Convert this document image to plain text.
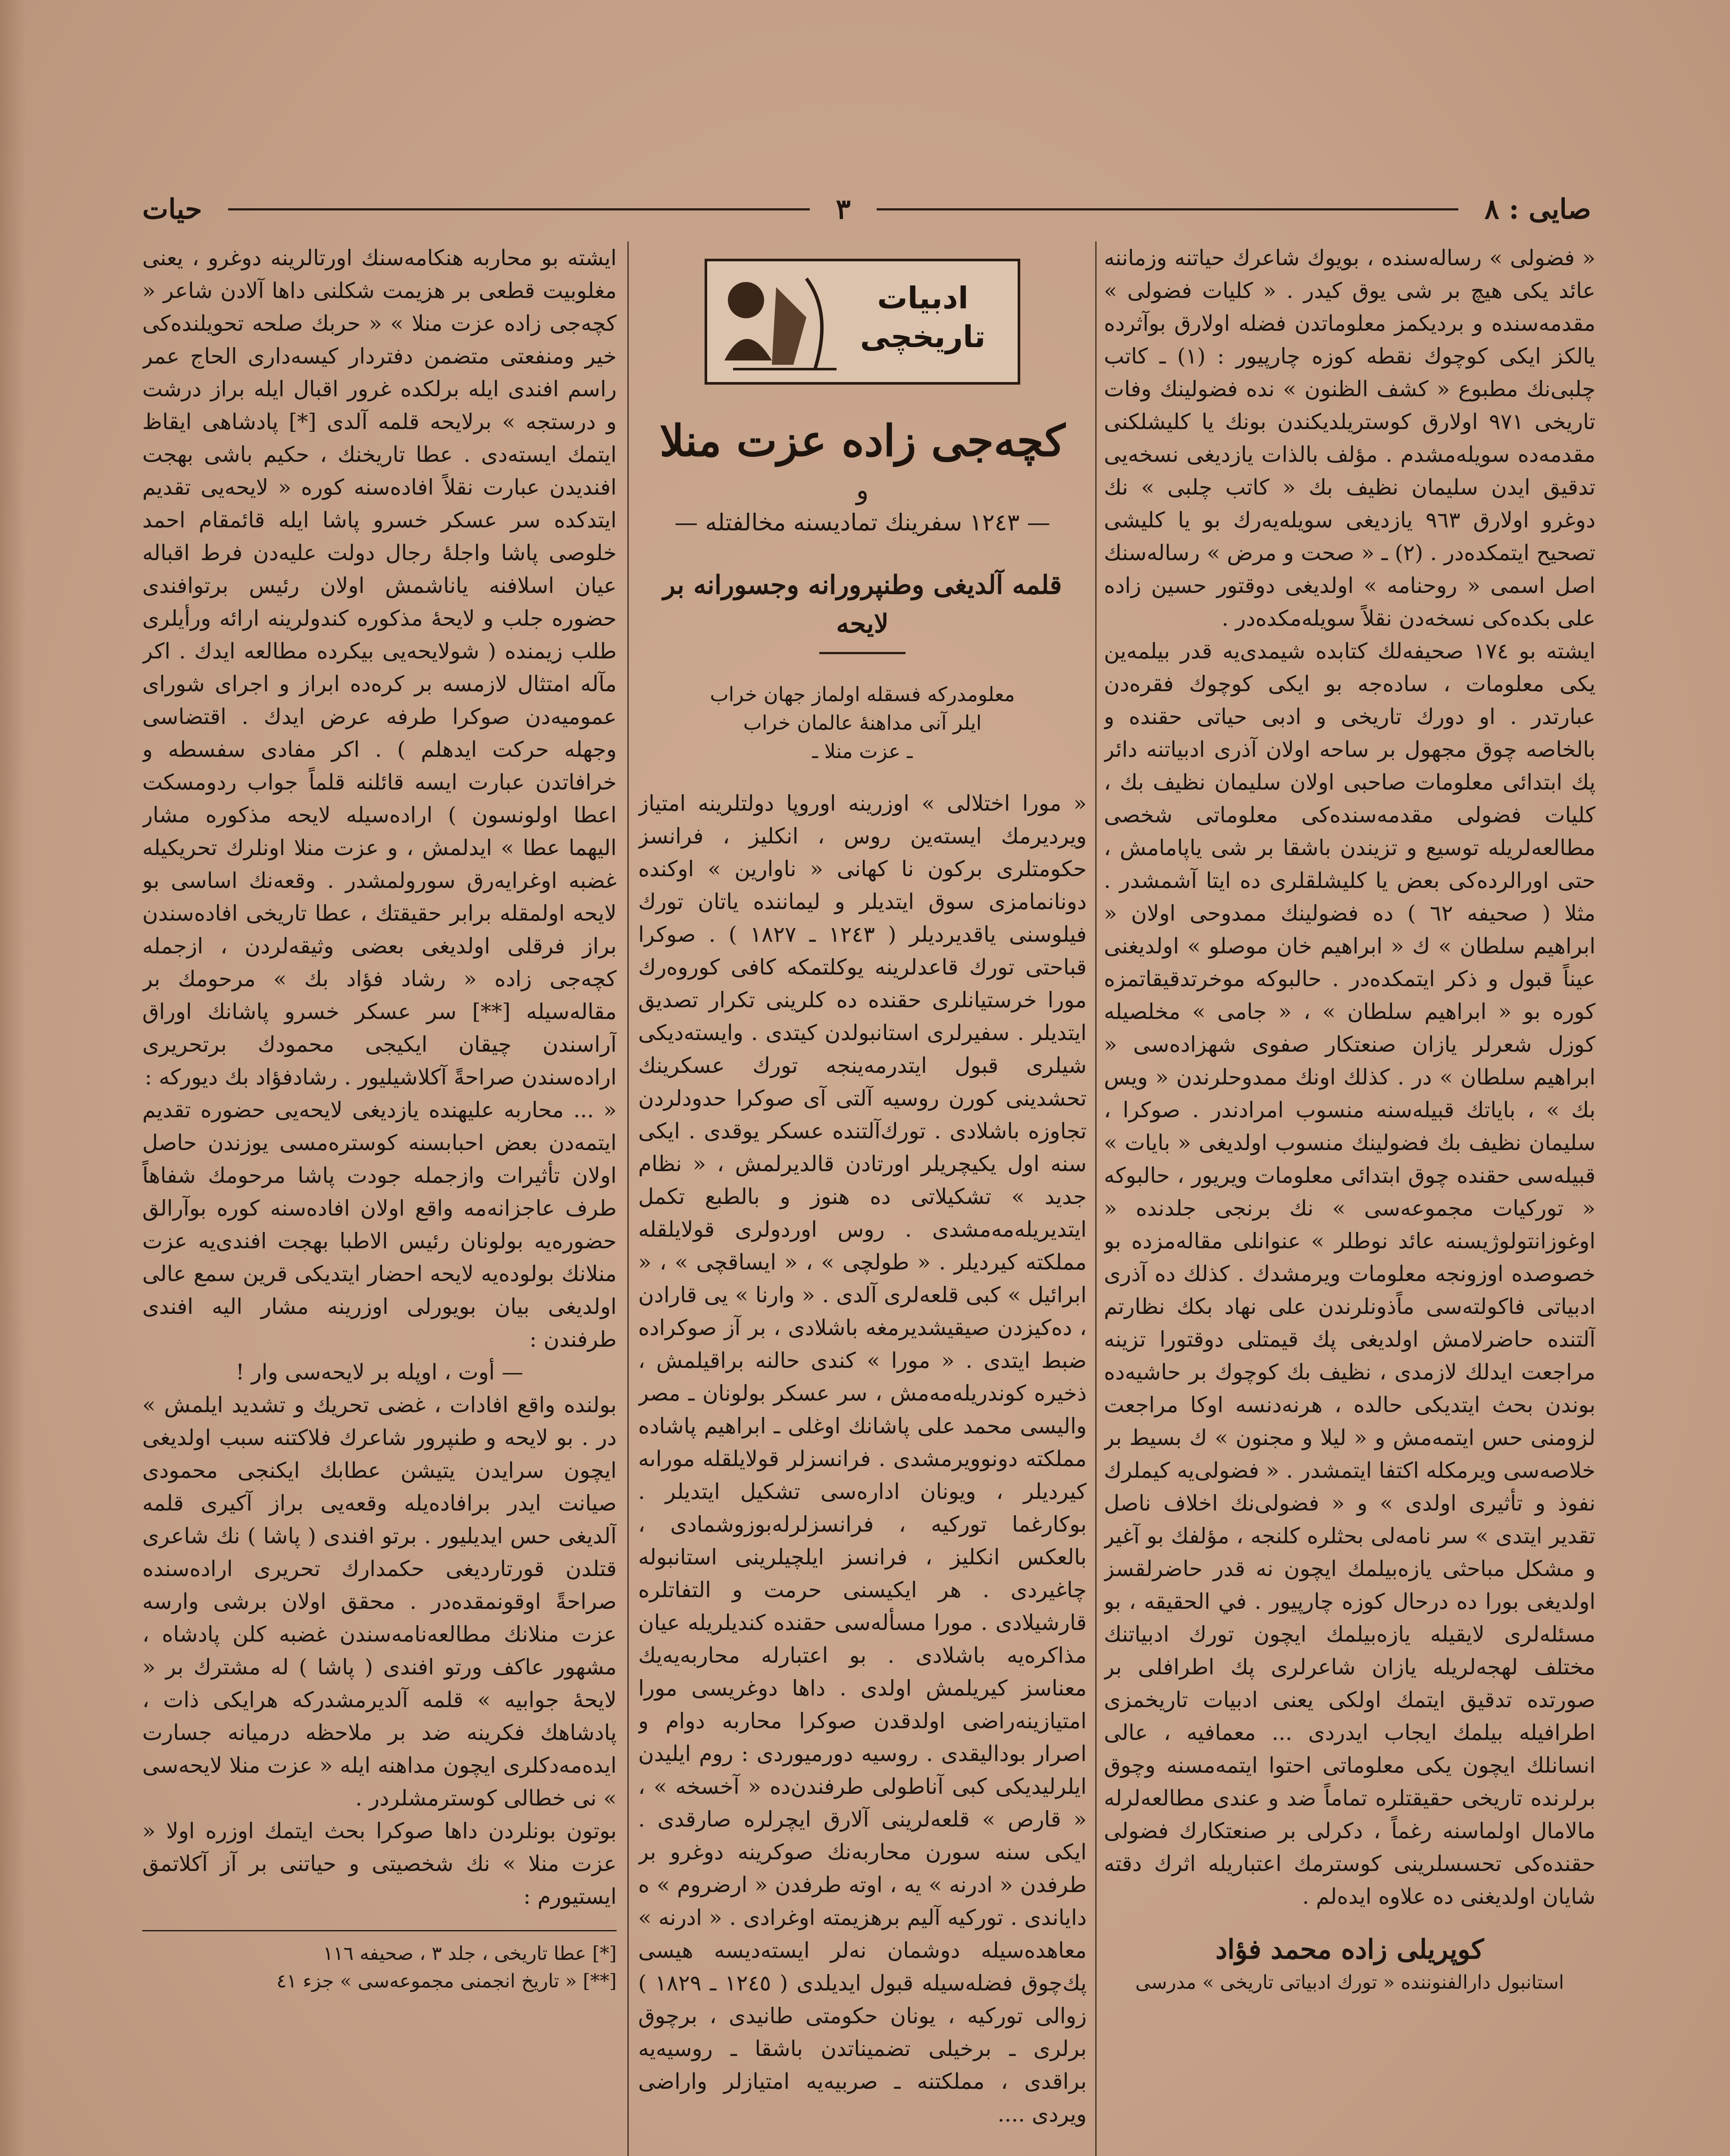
صايى : ٨
٣
حيات

« فضولى » رساله‌سنده ، بويوك شاعرك حياتنه وزماننه عائد يكى هيچ بر شى يوق كيدر . « كليات فضولى » مقدمه‌سنده و بردیكمز معلوماتدن فضله اولارق بوآثرده يالكز ايكى كوچوك نقطه كوزه چارپيور : (١) ـ كاتب چلبى‌نك مطبوع « كشف الظنون » نده فضولينك وفات تاريخى ٩٧١ اولارق كوستريلديكندن بونك يا كليشلكنى مقدمه‌ده سويله‌مشدم . مؤلف بالذات يازديغى نسخه‌يى تدقيق ايدن سليمان نظيف بك « كاتب چلبى » نك دوغرو اولارق ٩٦٣ يازديغى سويله‌يه‌رك بو يا كليشى تصحيح ايتمكده‌در . (٢) ـ « صحت و مرض » رساله‌سنك اصل اسمى « روحنامه » اولديغى دوقتور حسين زاده على بكده‌كى نسخه‌دن نقلاً سويله‌مكده‌در .

ايشته بو ١٧٤ صحيفه‌لك كتابده شيمدى‌يه قدر بيلمه‌ين يكى معلومات ، ساده‌جه بو ايكى كوچوك فقره‌دن عبارتدر . او دورك تاريخى و ادبى حياتى حقنده و بالخاصه چوق مجهول بر ساحه اولان آذرى ادبياتنه دائر پك ابتدائى معلومات صاحبى اولان سليمان نظيف بك ، كليات فضولى مقدمه‌سنده‌كى معلوماتى شخصى مطالعه‌لريله توسيع و تزيندن باشقا بر شى ياپامامش ، حتى اورالرده‌كى بعض يا كليشلقلرى ده ايتا آشمشدر . مثلا ( صحيفه ٦٢ ) ده فضولينك ممدوحى اولان « ابراهيم سلطان » ك « ابراهيم خان موصلو » اولديغنى عيناً قبول و ذكر ايتمكده‌در . حالبوكه موخرتدقيقاتمزه كوره بو « ابراهيم سلطان » ، « جامى » مخلصيله كوزل شعرلر يازان صنعتكار صفوى شهزاده‌سى « ابراهيم سلطان » در . كذلك اونك ممدوحلرندن « ويس بك » ، باياتك قبيله‌سنه منسوب امرادندر . صوكرا ، سليمان نظيف بك فضولينك منسوب اولديغى « بايات » قبيله‌سى حقنده چوق ابتدائى معلومات ويريور ، حالبوكه « توركيات مجموعه‌سى » نك برنجى جلدنده « اوغوزانتولوژيسنه عائد نوطلر » عنوانلى مقاله‌مزده بو خصوصده اوزونجه معلومات ويرمشدك . كذلك ده آذرى ادبياتى فاكولته‌سى ماًذونلرندن على نهاد بكك نظارتم آلتنده حاضرلامش اولديغى پك قيمتلى دوقتورا تزينه مراجعت ايدلك لازمدى ، نظيف بك كوچوك بر حاشيه‌ده بوندن بحث ايتديكى حالده ، هرنه‌دنسه اوكا مراجعت لزومنى حس ايتمه‌مش و « ليلا و مجنون » ك بسيط بر خلاصه‌سى ويرمكله اكتفا ايتمشدر . « فضولى‌يه كيملرك نفوذ و تأثيرى اولدى » و « فضولى‌نك اخلاف ناصل تقدير ايتدى » سر نامه‌لى بحثلره كلنجه ، مؤلفك بو آغير و مشكل مباحثى يازه‌بيلمك ايچون نه قدر حاضرلقسز اولديغى بورا ده درحال كوزه چارپيور . في الحقيقه ، بو مسئله‌لرى لايقيله يازه‌بيلمك ايچون تورك ادبياتنك مختلف لهجه‌لريله يازان شاعرلرى پك اطرافلى بر صورتده تدقيق ايتمك اولكى يعنى ادبيات تاريخمزى اطرافيله بيلمك ايجاب ايدردى ... معمافيه ، عالى انسانلك ايچون يكى معلوماتى احتوا ايتمه‌مسنه وچوق برلرنده تاريخى حقيقتلره تماماً ضد و عندى مطالعه‌لرله مالامال اولماسنه رغماً ، دكرلى بر صنعتكارك فضولى حقنده‌كى تحسسلرينى كوسترمك اعتباريله اثرك دقته شايان اولديغنى ده علاوه ايده‌لم .

كوپريلى زاده محمد فؤاد
استانبول دارالفنوننده « تورك ادبياتى تاريخى » مدرسى
ادبيات تاريخچى
كچه‌جى زاده عزت منلا
و
— ١٢٤٣ سفرينك تماديسنه مخالفتله —
قلمه آلديغى وطنپرورانه وجسورانه بر لايحه
معلومدركه فسقله اولماز جهان خراب
ايلر آنى مداهنهٔ عالمان خراب
ـ عزت منلا ـ

« مورا اختلالى » اوزرينه اوروپا دولتلرينه امتياز ويرديرمك ايسته‌ين روس ، انكليز ، فرانسز حكومتلرى بركون نا كهانى « ناوارين » اوكنده دونانمامزى سوق ايتديلر و ليماننده ياتان تورك فيلوسنى ياقديرديلر ( ١٢٤٣ ـ ١٨٢٧ ) . صوكرا قباحتى تورك قاعدلرينه يوكلتمكه كافى كوروه‌رك مورا خرستيانلرى حقنده ده كلرينى تكرار تصديق ايتديلر . سفيرلرى استانبولدن كيتدى . وايسته‌ديكى شيلرى قبول ايتدرمه‌ينجه تورك عسكرينك تحشدينى كورن روسيه آلتى آى صوكرا حدودلردن تجاوزه باشلادى . تورك‌آلتنده عسكر يوقدى . ايكى سنه اول يكيچريلر اورتادن قالديرلمش ، « نظام جديد » تشكيلاتى ده هنوز و بالطبع تكمل ايتديريله‌مه‌مشدى . روس اوردولرى قولايلقله مملكته كيرديلر . « طولچى » ، « ايساقچى » ، « ابرائيل » كبى قلعه‌لرى آلدى . « وارنا » يى قارادن ، ده‌كيزدن صيقيشديرمغه باشلادى ، بر آز صوكراده ضبط ايتدى . « مورا » كندى حالنه براقيلمش ، ذخيره كوندريله‌مه‌مش ، سر عسكر بولونان ـ مصر واليسى محمد على پاشانك اوغلى ـ ابراهيم پاشاده مملكته دونوويرمشدى . فرانسزلر قولايلقله موراىه كيرديلر ، ويونان اداره‌سى تشكيل ايتديلر . بوكارغما توركيه ، فرانسزلرله‌بوزوشمادى ، بالعكس انكليز ، فرانسز ايلچيلرينى استانبوله چاغيردى . هر ايكيسنى حرمت و التفاتلره قارشيلادى . مورا مسأله‌سى حقنده كنديلريله عيان مذاكره‌يه باشلادى . بو اعتبارله محاربه‌يه‌يك معناسز كيريلمش اولدى . داها دوغريسى مورا امتيازينه‌راضى اولدقدن صوكرا محاربه دوام و اصرار بوداليقدى . روسيه دورميوردى : روم ايليدن ايلرليديكى كبى آناطولى طرفندن‌ده « آخسخه » ، « قارص » قلعه‌لرينى آلارق ايچرلره صارقدى . ايكى سنه سورن محاربه‌نك صوكرينه دوغرو بر طرفدن « ادرنه » يه ، اوته طرفدن « ارضروم » ه داياندى . توركيه آليم برهزيمته اوغرادى . « ادرنه » معاهده‌سيله دوشمان نه‌لر ايسته‌ديسه هيسى پك‌چوق فضله‌سيله قبول ايديلدى ( ١٢٤٥ ـ ١٨٢٩ ) زوالى توركيه ، يونان حكومتى طانيدى ، برچوق برلرى ـ برخيلى تضميناتدن باشقا ـ روسيه‌يه براقدى ، مملكتنه ـ صربيه‌يه امتيازلر واراضى ويردى ....

ايشته بو محاربه هنكامه‌سنك اورتالرينه دوغرو ، يعنى مغلوبيت قطعى بر هزيمت شكلنى داها آلادن شاعر « كچه‌جى زاده عزت منلا » « حربك صلحه تحويلنده‌كى خير ومنفعتى متضمن دفتردار كيسه‌دارى الحاج عمر راسم افندى ايله برلكده غرور اقبال ايله براز درشت و درستجه » برلايحه قلمه آلدى [*] پادشاهى ايقاظ ايتمك ايسته‌دى . عطا تاريخنك ، حكيم باشى بهجت افنديدن عبارت نقلاً افاده‌سنه كوره « لايحه‌يى تقديم ايتدكده سر عسكر خسرو پاشا ايله قائمقام احمد خلوصى پاشا واجلهٔ رجال دولت عليه‌دن فرط اقباله عيان اسلافنه ياناشمش اولان رئيس برتوافندى حضوره جلب و لايحهٔ مذكوره كندولرينه ارائه ورأيلرى طلب زيمنده ( شولايحه‌يى بيكرده مطالعه ايدك . اكر مآله امتثال لازمسه بر كره‌ده ابراز و اجراى شوراى عموميه‌دن صوكرا طرفه عرض ايدك . اقتضاسى وجهله حركت ايدهلم ) . اكر مفادى سفسطه و خرافاتدن عبارت ايسه قائلنه قلماً جواب ردومسكت اعطا اولونسون ) اراده‌سيله لايحه مذكوره مشار اليهما عطا » ايدلمش ، و عزت منلا اونلرك تحريكيله غضبه اوغرايه‌رق سورولمشدر . وقعه‌نك اساسى بو لايحه اولمقله برابر حقيقتك ، عطا تاريخى افاده‌سندن براز فرقلى اولديغى بعضى وثيقه‌لردن ، ازجمله كچه‌جى زاده « رشاد فؤاد بك » مرحومك بر مقاله‌سيله [**] سر عسكر خسرو پاشانك اوراق آراسندن چيقان ايكيجى محمودك برتحريرى اراده‌سندن صراحةً آكلاشيليور . رشادفؤاد بك ديوركه :

« ... محاربه عليهنده يازديغى لايحه‌يى حضوره تقديم ايتمه‌دن بعض احبابسنه كوستره‌مسى يوزندن حاصل اولان تأثيرات وازجمله جودت پاشا مرحومك شفاهاً طرف عاجزانه‌مه واقع اولان افاده‌سنه كوره بوآرالق حضوره‌يه بولونان رئيس الاطبا بهجت افندى‌يه عزت منلانك بولوده‌يه لايحه احضار ايتديكى قرين سمع عالى اولديغى بيان بويورلى اوزرينه مشار اليه افندى طرفندن :

— أوت ، اوپله بر لايحه‌سى وار !

بولنده واقع افادات ، غضى تحريك و تشديد ايلمش » در . بو لايحه و طنپرور شاعرك فلاكتنه سبب اولديغى ايچون سرايدن يتيشن عطابك ايكنجى محمودى صيانت ايدر برافاده‌يله وقعه‌يى براز آكيرى قلمه آلديغى حس ايديليور . برتو افندى ( پاشا ) نك شاعرى قتلدن قورتارديغى حكمدارك تحريرى اراده‌سنده صراحةً اوقونمقده‌در . محقق اولان برشى وارسه عزت منلانك مطالعه‌نامه‌سندن غضبه كلن پادشاه ، مشهور عاكف ورتو افندى ( پاشا ) له مشترك بر « لايحهٔ جوابيه » قلمه آلديرمشدركه هرايكى ذات ، پادشاهك فكرينه ضد بر ملاحظه درميانه جسارت ايده‌مه‌دكلرى ايچون مداهنه ايله « عزت منلا لايحه‌سى » نى خطالى كوسترمشلردر .

بوتون بونلردن داها صوكرا بحث ايتمك اوزره اولا « عزت منلا » نك شخصيتى و حياتنى بر آز آكلاتمق ايستيورم :

[*] عطا تاريخى ، جلد ٣ ، صحيفه ١١٦
[**] « تاريخ انجمنى مجموعه‌سى » جزء ٤١
